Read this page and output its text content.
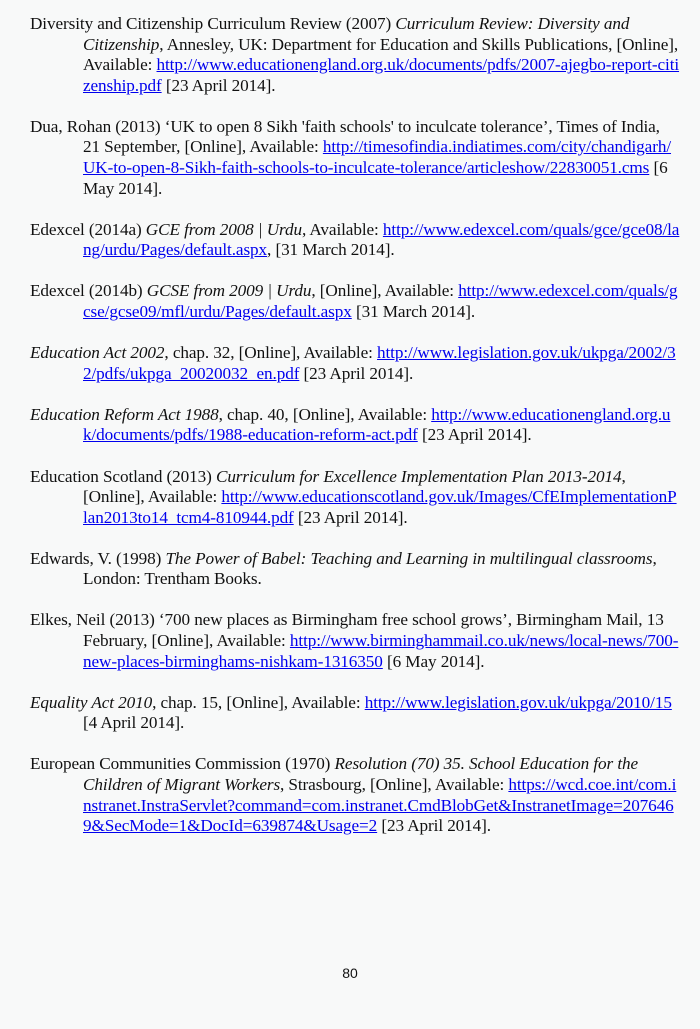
Diversity and Citizenship Curriculum Review (2007) Curriculum Review: Diversity and Citizenship, Annesley, UK: Department for Education and Skills Publications, [Online], Available: http://www.educationengland.org.uk/documents/pdfs/2007-ajegbo-report-citizenship.pdf [23 April 2014].

Dua, Rohan (2013) ‘UK to open 8 Sikh 'faith schools' to inculcate tolerance’, Times of India, 21 September, [Online], Available: http://timesofindia.indiatimes.com/city/chandigarh/UK-to-open-8-Sikh-faith-schools-to-inculcate-tolerance/articleshow/22830051.cms [6 May 2014].

Edexcel (2014a) GCE from 2008 | Urdu, Available: http://www.edexcel.com/quals/gce/gce08/lang/urdu/Pages/default.aspx, [31 March 2014].

Edexcel (2014b) GCSE from 2009 | Urdu, [Online], Available: http://www.edexcel.com/quals/gcse/gcse09/mfl/urdu/Pages/default.aspx [31 March 2014].

Education Act 2002, chap. 32, [Online], Available: http://www.legislation.gov.uk/ukpga/2002/32/pdfs/ukpga_20020032_en.pdf [23 April 2014].

Education Reform Act 1988, chap. 40, [Online], Available: http://www.educationengland.org.uk/documents/pdfs/1988-education-reform-act.pdf [23 April 2014].

Education Scotland (2013) Curriculum for Excellence Implementation Plan 2013-2014, [Online], Available: http://www.educationscotland.gov.uk/Images/CfEImplementationPlan2013to14_tcm4-810944.pdf [23 April 2014].

Edwards, V. (1998) The Power of Babel: Teaching and Learning in multilingual classrooms, London: Trentham Books.

Elkes, Neil (2013) ‘700 new places as Birmingham free school grows’, Birmingham Mail, 13 February, [Online], Available: http://www.birminghammail.co.uk/news/local-news/700-new-places-birminghams-nishkam-1316350 [6 May 2014].

Equality Act 2010, chap. 15, [Online], Available: http://www.legislation.gov.uk/ukpga/2010/15 [4 April 2014].

European Communities Commission (1970) Resolution (70) 35. School Education for the Children of Migrant Workers, Strasbourg, [Online], Available: https://wcd.coe.int/com.instranet.InstraServlet?command=com.instranet.CmdBlobGet&InstranetImage=2076469&SecMode=1&DocId=639874&Usage=2 [23 April 2014].

80
